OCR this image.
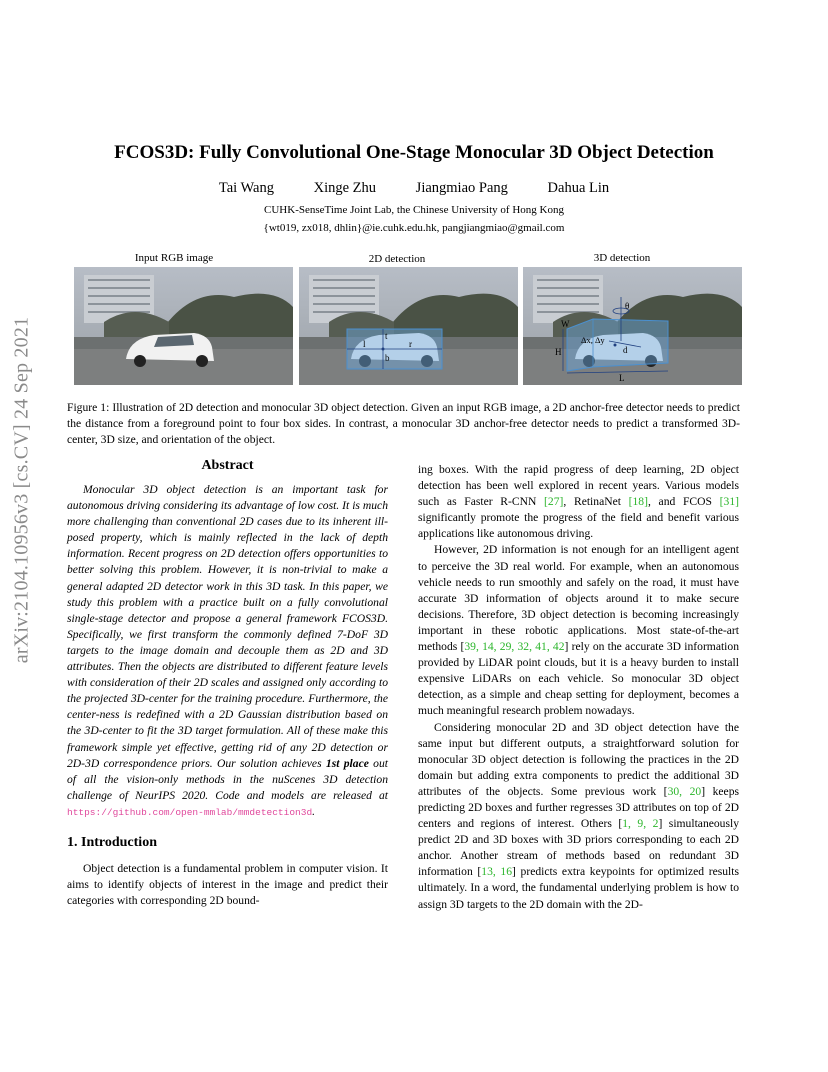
arXiv:2104.10956v3 [cs.CV] 24 Sep 2021
FCOS3D: Fully Convolutional One-Stage Monocular 3D Object Detection
Tai Wang	Xinge Zhu	Jiangmiao Pang	Dahua Lin
CUHK-SenseTime Joint Lab, the Chinese University of Hong Kong
{wt019, zx018, dhlin}@ie.cuhk.edu.hk, pangjiangmiao@gmail.com
Input RGB image	2D detection	3D detection
l	r
t
b
θ
W
H
Δx, Δy
d
L
Figure 1: Illustration of 2D detection and monocular 3D object detection. Given an input RGB image, a 2D anchor-free detector needs to predict the distance from a foreground point to four box sides. In contrast, a monocular 3D anchor-free detector needs to predict a transformed 3D-center, 3D size, and orientation of the object.
Abstract

Monocular 3D object detection is an important task for autonomous driving considering its advantage of low cost. It is much more challenging than conventional 2D cases due to its inherent ill-posed property, which is mainly reflected in the lack of depth information. Recent progress on 2D detection offers opportunities to better solving this problem. However, it is non-trivial to make a general adapted 2D detector work in this 3D task. In this paper, we study this problem with a practice built on a fully convolutional single-stage detector and propose a general framework FCOS3D. Specifically, we first transform the commonly defined 7-DoF 3D targets to the image domain and decouple them as 2D and 3D attributes. Then the objects are distributed to different feature levels with consideration of their 2D scales and assigned only according to the projected 3D-center for the training procedure. Furthermore, the center-ness is redefined with a 2D Gaussian distribution based on the 3D-center to fit the 3D target formulation. All of these make this framework simple yet effective, getting rid of any 2D detection or 2D-3D correspondence priors. Our solution achieves 1st place out of all the vision-only methods in the nuScenes 3D detection challenge of NeurIPS 2020. Code and models are released at https://github.com/open-mmlab/mmdetection3d.

1. Introduction

Object detection is a fundamental problem in computer vision. It aims to identify objects of interest in the image and predict their categories with corresponding 2D bound-

ing boxes. With the rapid progress of deep learning, 2D object detection has been well explored in recent years. Various models such as Faster R-CNN [27], RetinaNet [18], and FCOS [31] significantly promote the progress of the field and benefit various applications like autonomous driving.

However, 2D information is not enough for an intelligent agent to perceive the 3D real world. For example, when an autonomous vehicle needs to run smoothly and safely on the road, it must have accurate 3D information of objects around it to make secure decisions. Therefore, 3D object detection is becoming increasingly important in these robotic applications. Most state-of-the-art methods [39, 14, 29, 32, 41, 42] rely on the accurate 3D information provided by LiDAR point clouds, but it is a heavy burden to install expensive LiDARs on each vehicle. So monocular 3D object detection, as a simple and cheap setting for deployment, becomes a much meaningful research problem nowadays.

Considering monocular 2D and 3D object detection have the same input but different outputs, a straightforward solution for monocular 3D object detection is following the practices in the 2D domain but adding extra components to predict the additional 3D attributes of the objects. Some previous work [30, 20] keeps predicting 2D boxes and further regresses 3D attributes on top of 2D centers and regions of interest. Others [1, 9, 2] simultaneously predict 2D and 3D boxes with 3D priors corresponding to each 2D anchor. Another stream of methods based on redundant 3D information [13, 16] predicts extra keypoints for optimized results ultimately. In a word, the fundamental underlying problem is how to assign 3D targets to the 2D domain with the 2D-
